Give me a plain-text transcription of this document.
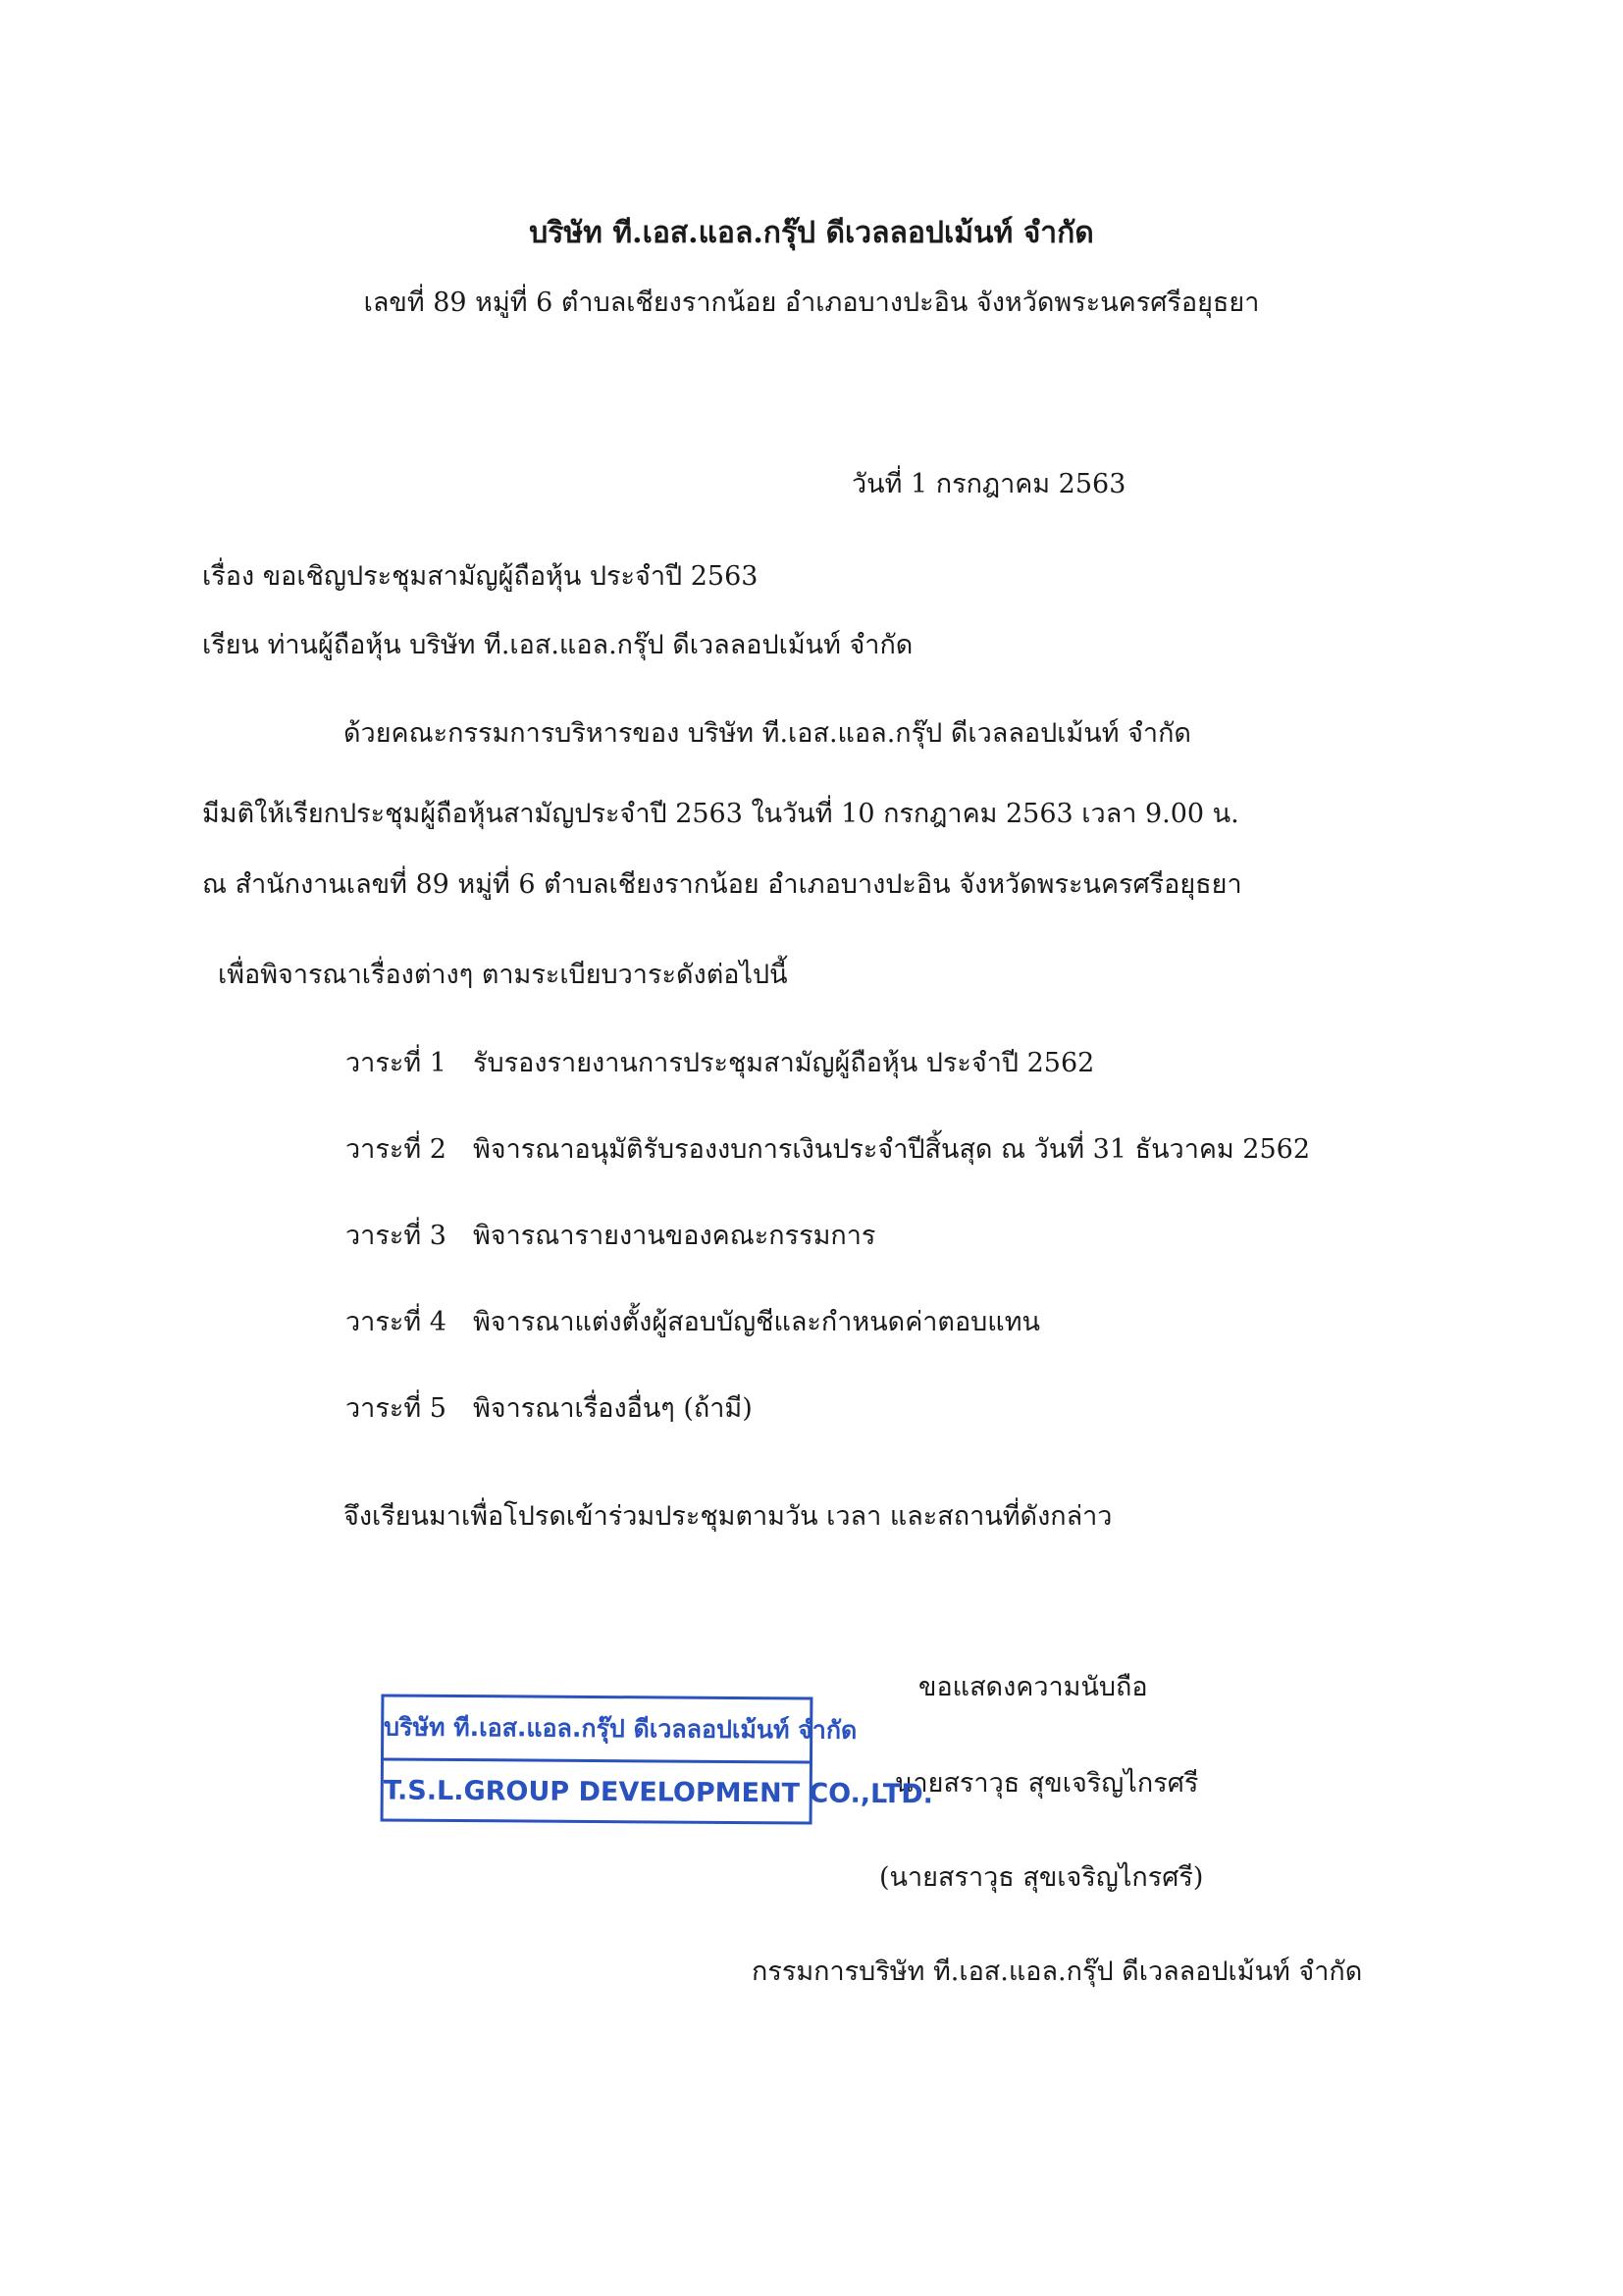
บริษัท ที.เอส.แอล.กรุ๊ป ดีเวลลอปเม้นท์ จำกัด
เลขที่ 89 หมู่ที่ 6 ตำบลเชียงรากน้อย อำเภอบางปะอิน จังหวัดพระนครศรีอยุธยา
วันที่ 1 กรกฎาคม 2563
เรื่อง ขอเชิญประชุมสามัญผู้ถือหุ้น ประจำปี 2563
เรียน ท่านผู้ถือหุ้น บริษัท ที.เอส.แอล.กรุ๊ป ดีเวลลอปเม้นท์ จำกัด
ด้วยคณะกรรมการบริหารของ บริษัท ที.เอส.แอล.กรุ๊ป ดีเวลลอปเม้นท์ จำกัด
มีมติให้เรียกประชุมผู้ถือหุ้นสามัญประจำปี 2563 ในวันที่ 10 กรกฎาคม 2563 เวลา 9.00 น.
ณ สำนักงานเลขที่ 89 หมู่ที่ 6 ตำบลเชียงรากน้อย อำเภอบางปะอิน จังหวัดพระนครศรีอยุธยา
เพื่อพิจารณาเรื่องต่างๆ ตามระเบียบวาระดังต่อไปนี้
วาระที่ 1 รับรองรายงานการประชุมสามัญผู้ถือหุ้น ประจำปี 2562
วาระที่ 2 พิจารณาอนุมัติรับรองงบการเงินประจำปีสิ้นสุด ณ วันที่ 31 ธันวาคม 2562
วาระที่ 3 พิจารณารายงานของคณะกรรมการ
วาระที่ 4 พิจารณาแต่งตั้งผู้สอบบัญชีและกำหนดค่าตอบแทน
วาระที่ 5 พิจารณาเรื่องอื่นๆ (ถ้ามี)
จึงเรียนมาเพื่อโปรดเข้าร่วมประชุมตามวัน เวลา และสถานที่ดังกล่าว
ขอแสดงความนับถือ
นายสราวุธ สุขเจริญไกรศรี
(นายสราวุธ สุขเจริญไกรศรี)
กรรมการบริษัท ที.เอส.แอล.กรุ๊ป ดีเวลลอปเม้นท์ จำกัด
บริษัท ที.เอส.แอล.กรุ๊ป ดีเวลลอปเม้นท์ จำกัด
T.S.L.GROUP DEVELOPMENT CO.,LTD.
